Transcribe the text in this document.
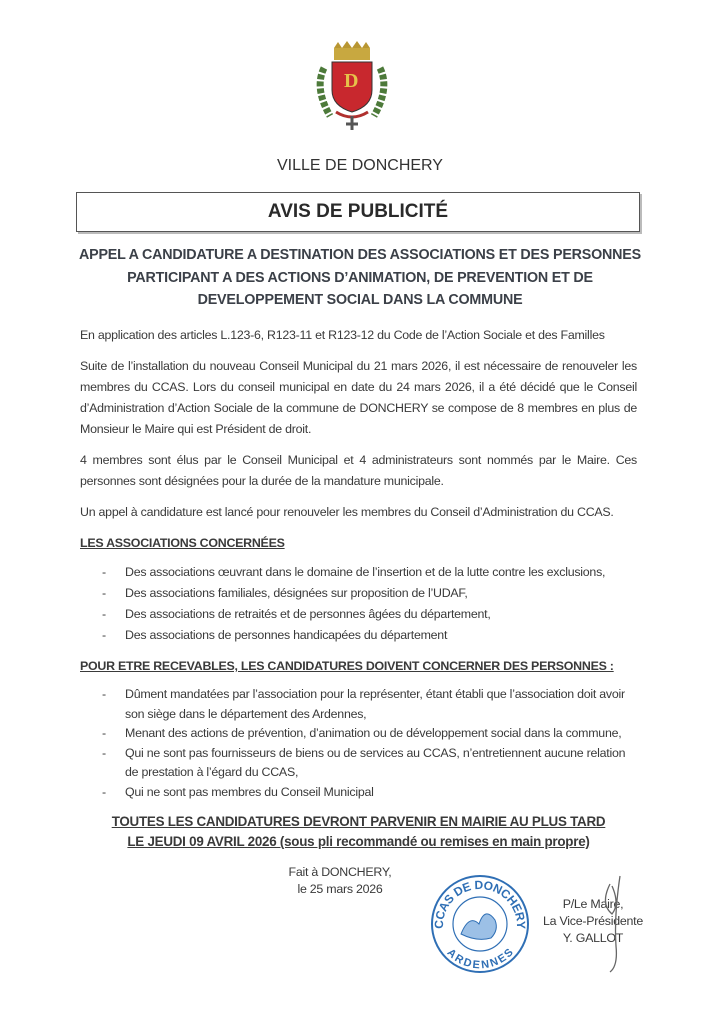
D
VILLE DE DONCHERY
AVIS DE PUBLICITÉ
APPEL A CANDIDATURE A DESTINATION DES ASSOCIATIONS ET DES PERSONNES
PARTICIPANT A DES ACTIONS D’ANIMATION, DE PREVENTION ET DE
DEVELOPPEMENT SOCIAL DANS LA COMMUNE
En application des articles L.123-6, R123-11 et R123-12 du Code de l’Action Sociale et des Familles
Suite de l’installation du nouveau Conseil Municipal du 21 mars 2026, il est nécessaire de renouveler les membres du CCAS. Lors du conseil municipal en date du 24 mars 2026, il a été décidé que le Conseil d’Administration d’Action Sociale de la commune de DONCHERY se compose de 8 membres en plus de Monsieur le Maire qui est Président de droit.
4 membres sont élus par le Conseil Municipal et 4 administrateurs sont nommés par le Maire. Ces personnes sont désignées pour la durée de la mandature municipale.
Un appel à candidature est lancé pour renouveler les membres du Conseil d’Administration du CCAS.
LES ASSOCIATIONS CONCERNÉES
- Des associations œuvrant dans le domaine de l’insertion et de la lutte contre les exclusions,
- Des associations familiales, désignées sur proposition de l’UDAF,
- Des associations de retraités et de personnes âgées du département,
- Des associations de personnes handicapées du département
POUR ETRE RECEVABLES, LES CANDIDATURES DOIVENT CONCERNER DES PERSONNES :
- Dûment mandatées par l’association pour la représenter, étant établi que l’association doit avoir son siège dans le département des Ardennes,
- Menant des actions de prévention, d’animation ou de développement social dans la commune,
- Qui ne sont pas fournisseurs de biens ou de services au CCAS, n’entretiennent aucune relation de prestation à l’égard du CCAS,
- Qui ne sont pas membres du Conseil Municipal
TOUTES LES CANDIDATURES DEVRONT PARVENIR EN MAIRIE AU PLUS TARD
LE JEUDI 09 AVRIL 2026 (sous pli recommandé ou remises en main propre)
Fait à DONCHERY,
le 25 mars 2026
CCAS DE DONCHERY
ARDENNES
P/Le Maire,
La Vice-Présidente
Y. GALLOT
